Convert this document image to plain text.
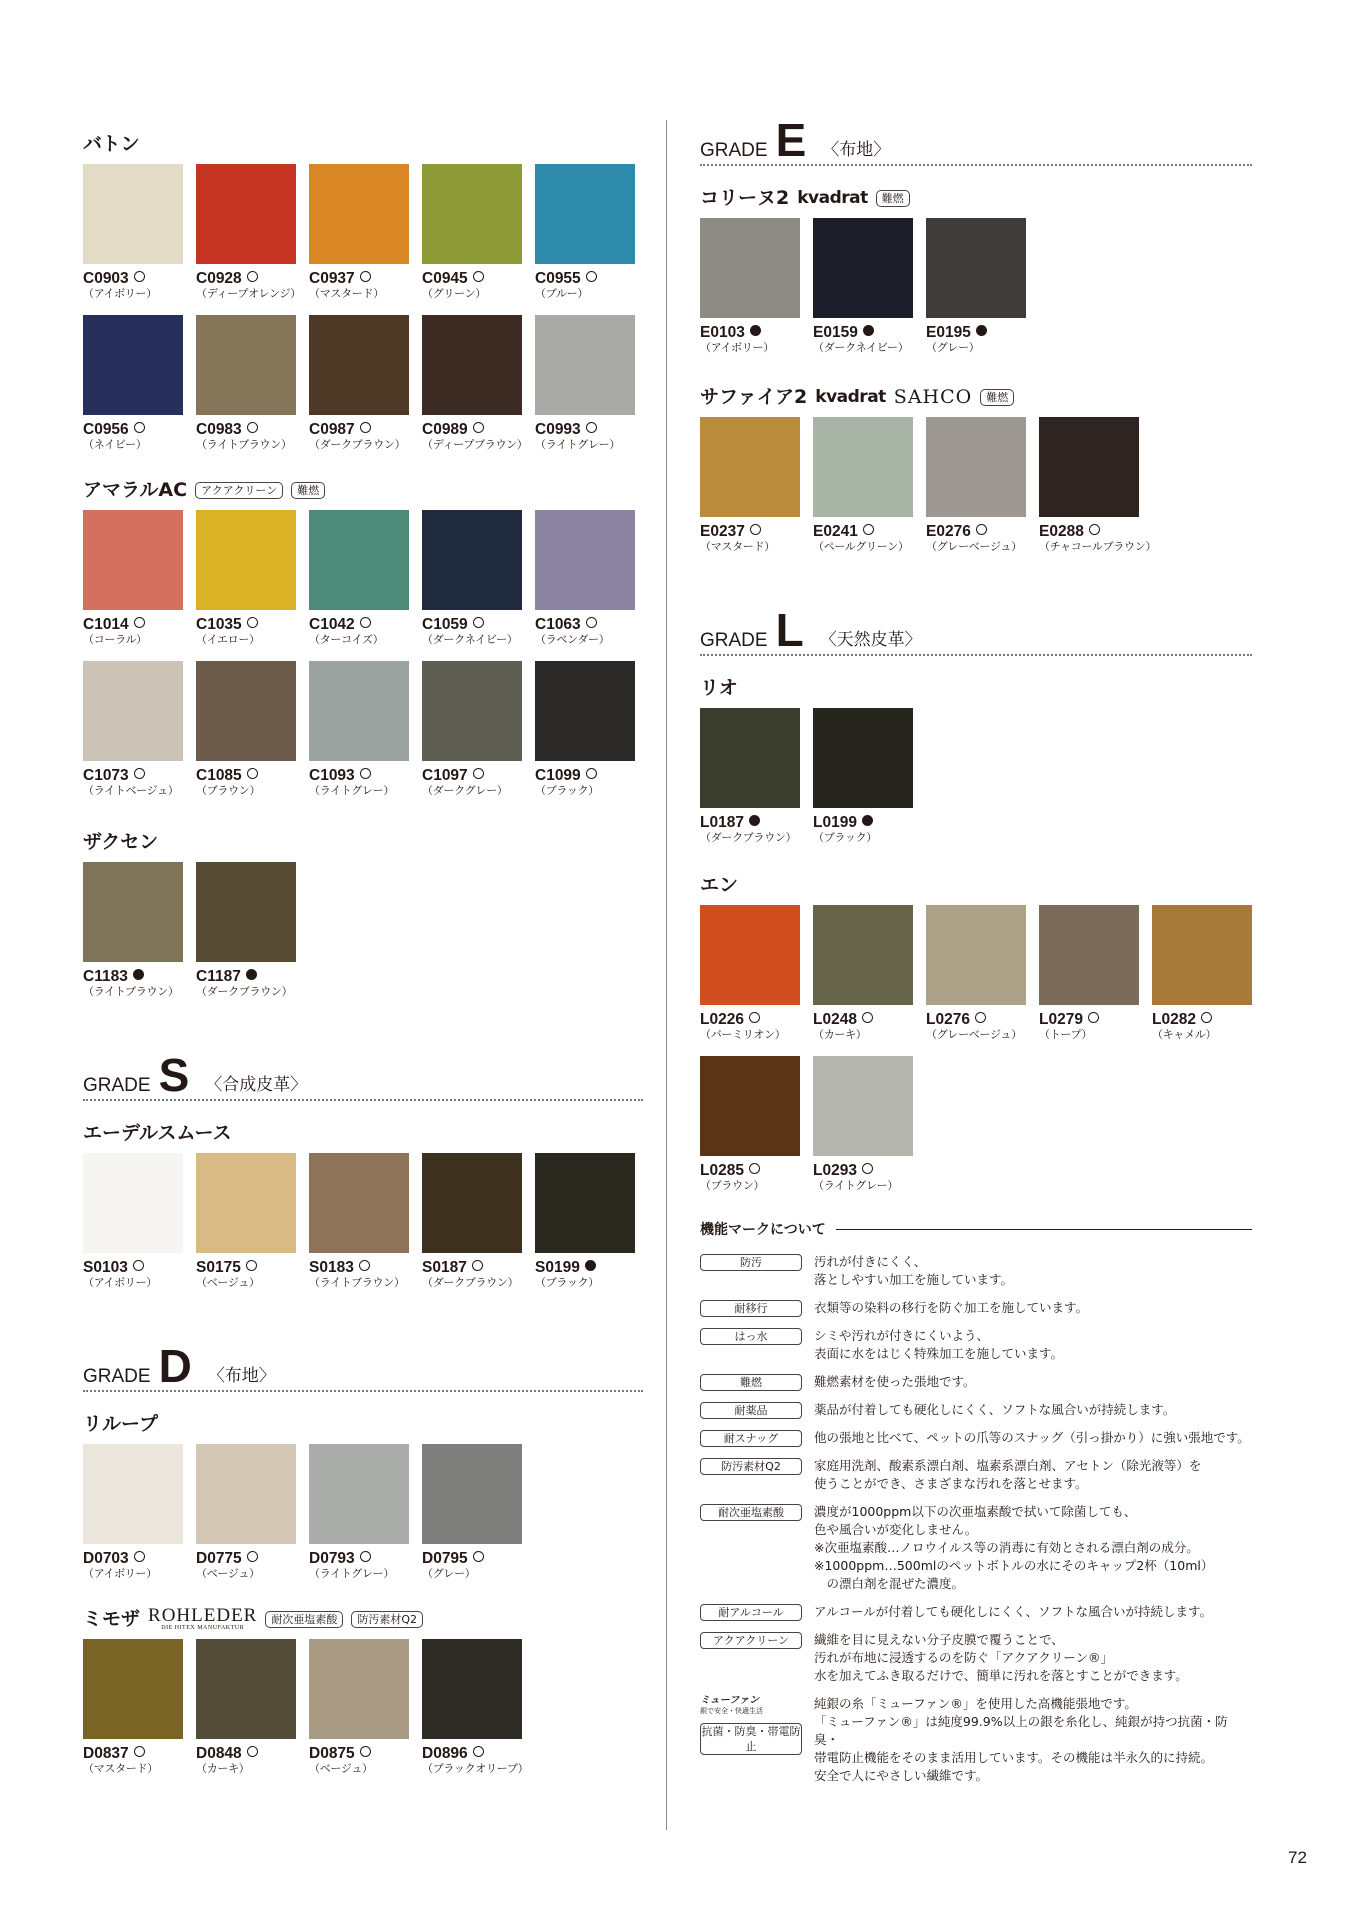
バトン
C0903
（アイボリー）
C0928
（ディープオレンジ）
C0937
（マスタード）
C0945
（グリーン）
C0955
（ブルー）
C0956
（ネイビー）
C0983
（ライトブラウン）
C0987
（ダークブラウン）
C0989
（ディープブラウン）
C0993
（ライトグレー）
アマラルAC	アクアクリーン	難燃
C1014
（コーラル）
C1035
（イエロー）
C1042
（ターコイズ）
C1059
（ダークネイビー）
C1063
（ラベンダー）
C1073
（ライトベージュ）
C1085
（ブラウン）
C1093
（ライトグレー）
C1097
（ダークグレー）
C1099
（ブラック）
ザクセン
C1183
（ライトブラウン）
C1187
（ダークブラウン）
GRADE S 〈合成皮革〉
エーデルスムース
S0103
（アイボリー）
S0175
（ベージュ）
S0183
（ライトブラウン）
S0187
（ダークブラウン）
S0199
（ブラック）
GRADE D 〈布地〉
リループ
D0703
（アイボリー）
D0775
（ベージュ）
D0793
（ライトグレー）
D0795
（グレー）
ミモザ ROHLEDER
DIE HITEX MANUFAKTUR
耐次亜塩素酸	防汚素材Q2
D0837
（マスタード）
D0848
（カーキ）
D0875
（ベージュ）
D0896
（ブラックオリーブ）
GRADE E 〈布地〉
コリーヌ2 kvadrat	難燃
E0103
（アイボリー）
E0159
（ダークネイビー）
E0195
（グレー）
サファイア2 kvadrat SAHCO	難燃
E0237
（マスタード）
E0241
（ペールグリーン）
E0276
（グレーベージュ）
E0288
（チャコールブラウン）
GRADE L 〈天然皮革〉
リオ
L0187
（ダークブラウン）
L0199
（ブラック）
エン
L0226
（バーミリオン）
L0248
（カーキ）
L0276
（グレーベージュ）
L0279
（トープ）
L0282
（キャメル）
L0285
（ブラウン）
L0293
（ライトグレー）
機能マークについて
防汚	汚れが付きにくく、
落としやすい加工を施しています。
耐移行	衣類等の染料の移行を防ぐ加工を施しています。
はっ水	シミや汚れが付きにくいよう、
表面に水をはじく特殊加工を施しています。
難燃	難燃素材を使った張地です。
耐薬品	薬品が付着しても硬化しにくく、ソフトな風合いが持続します。
耐スナッグ	他の張地と比べて、ペットの爪等のスナッグ（引っ掛かり）に強い張地です。
防汚素材Q2	家庭用洗剤、酸素系漂白剤、塩素系漂白剤、アセトン（除光液等）を
使うことができ、さまざまな汚れを落とせます。
耐次亜塩素酸	濃度が1000ppm以下の次亜塩素酸で拭いて除菌しても、
色や風合いが変化しません。
※次亜塩素酸…ノロウイルス等の消毒に有効とされる漂白剤の成分。
※1000ppm…500mlのペットボトルの水にそのキャップ2杯（10ml）
　の漂白剤を混ぜた濃度。
耐アルコール	アルコールが付着しても硬化しにくく、ソフトな風合いが持続します。
アクアクリーン	繊維を目に見えない分子皮膜で覆うことで、
汚れが布地に浸透するのを防ぐ「アクアクリーン®」
水を加えてふき取るだけで、簡単に汚れを落とすことができます。
ミューファン
銀で安全・快適生活
抗菌・防臭・帯電防止
純銀の糸「ミューファン®」を使用した高機能張地です。
「ミューファン®」は純度99.9%以上の銀を糸化し、純銀が持つ抗菌・防臭・
帯電防止機能をそのまま活用しています。その機能は半永久的に持続。
安全で人にやさしい繊維です。
72
